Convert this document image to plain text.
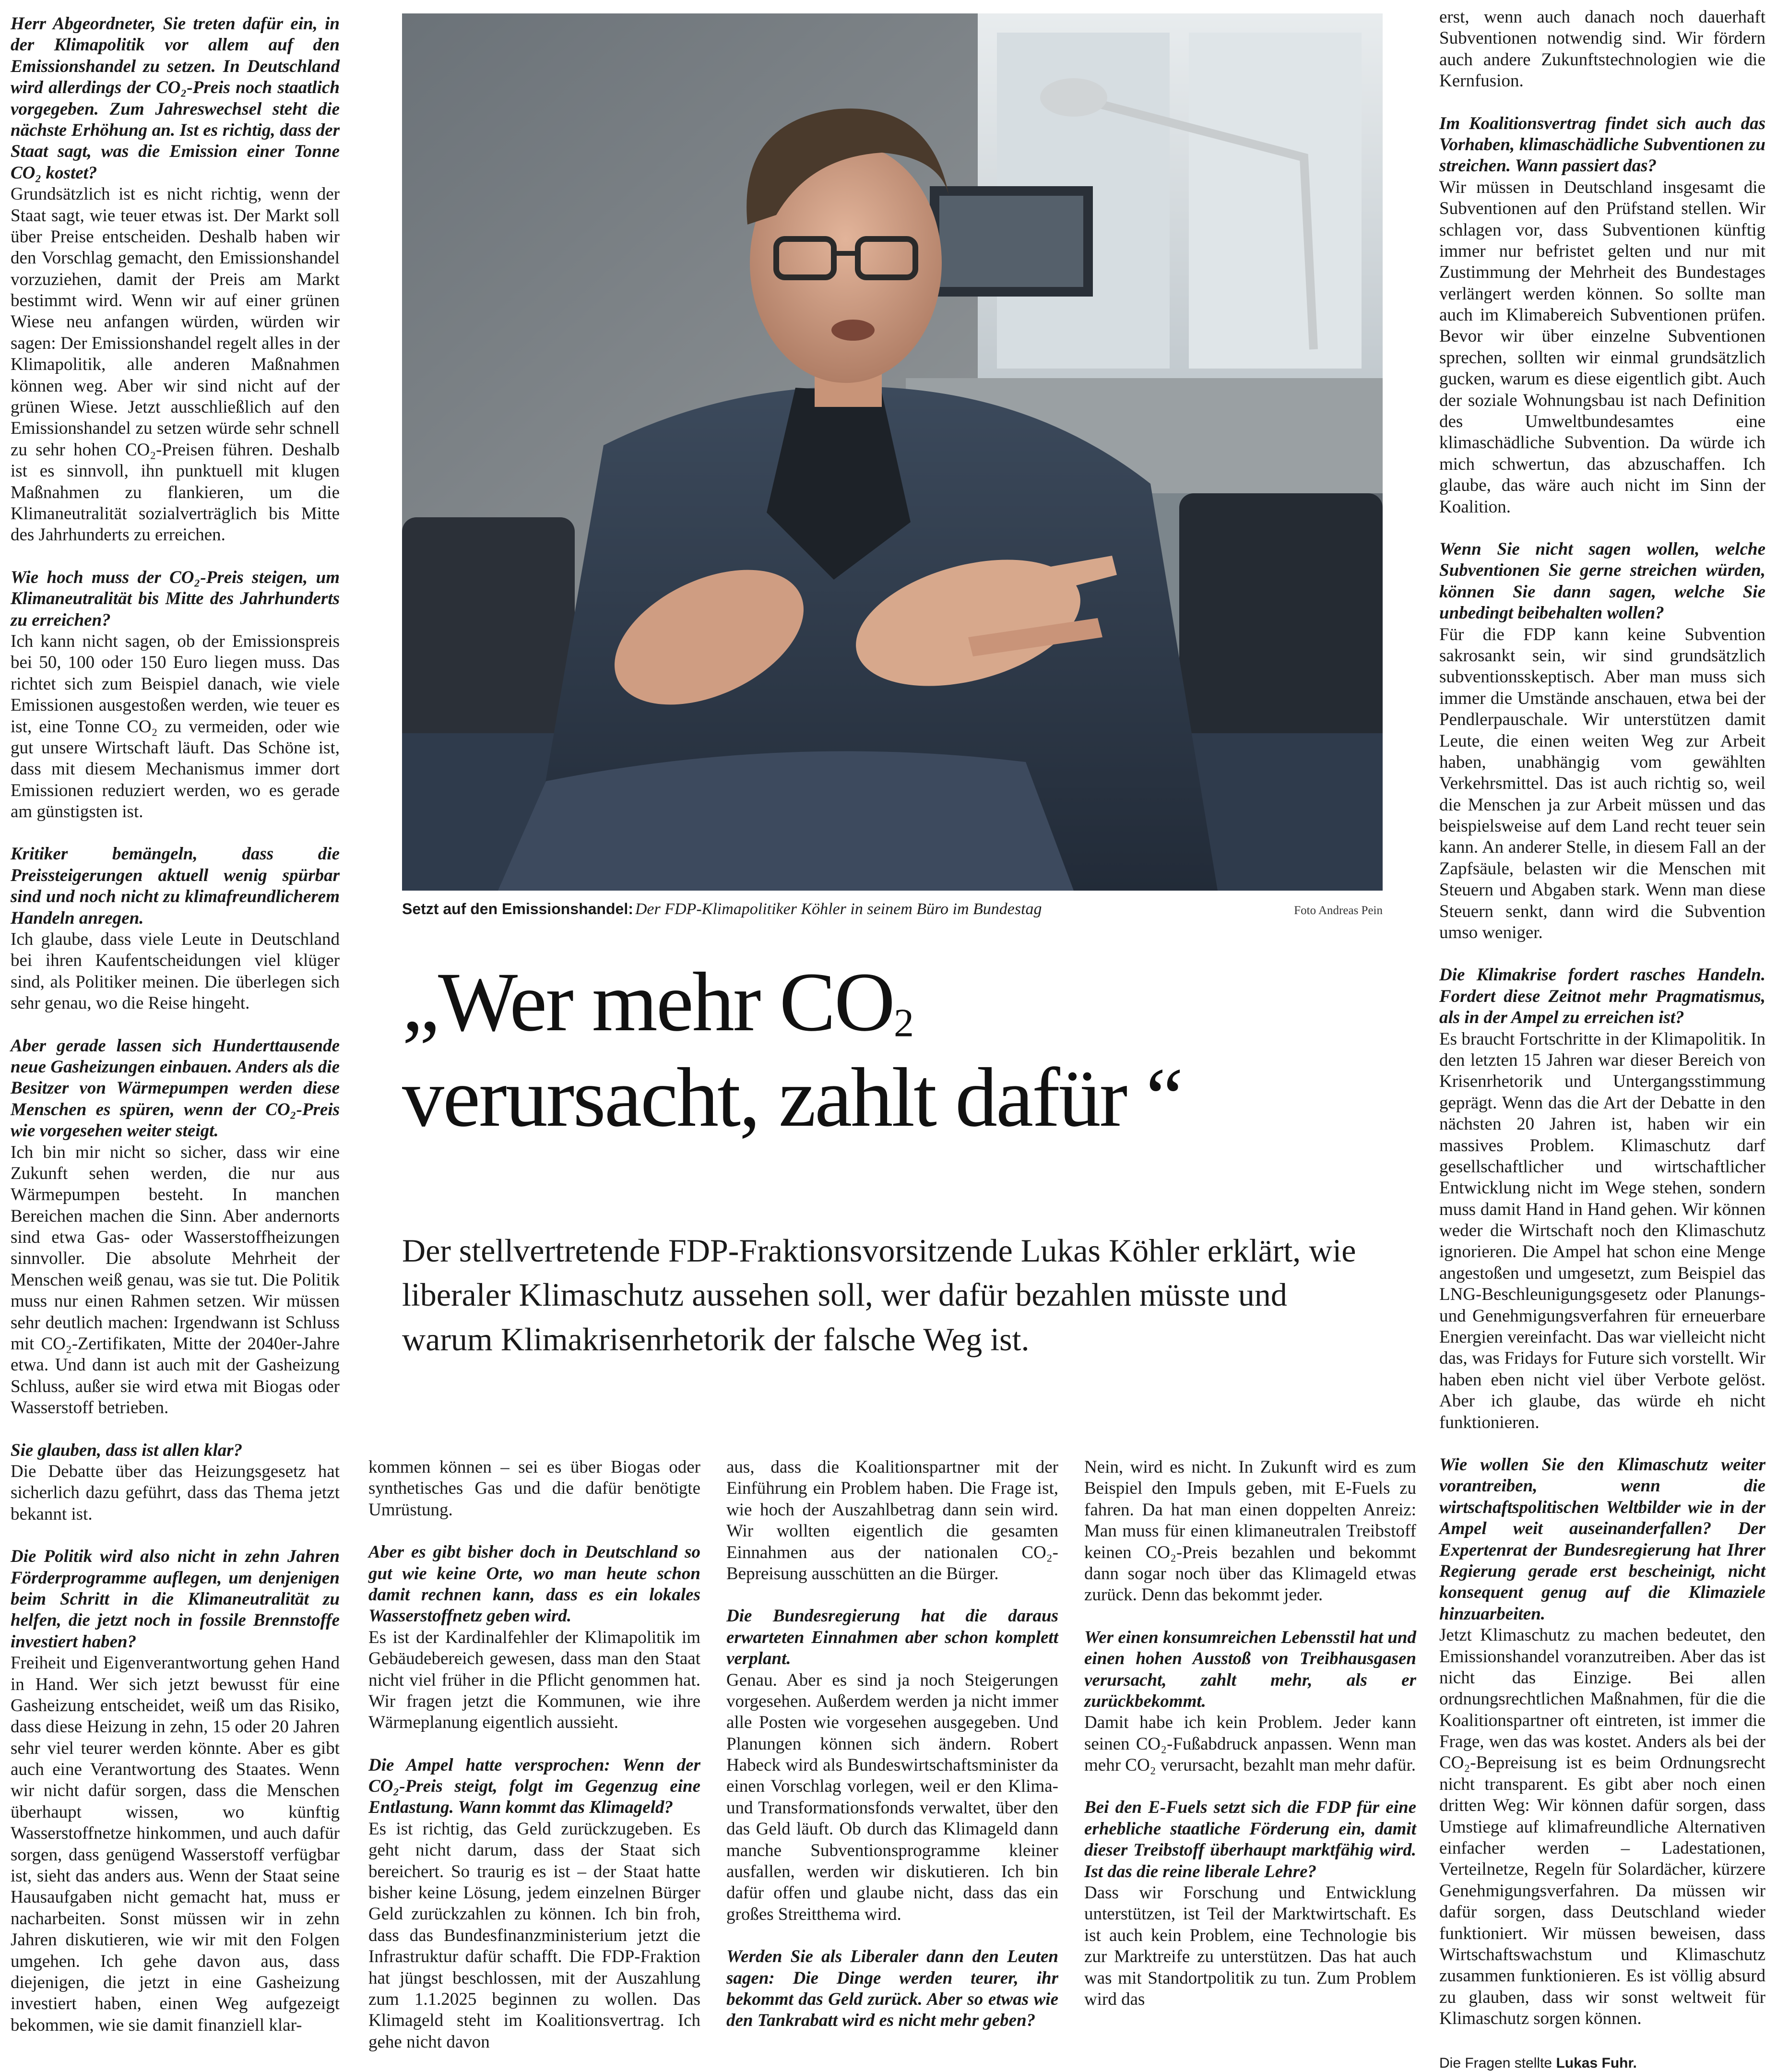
Herr Abgeordneter, Sie treten dafür ein, in der Klimapolitik vor allem auf den Emissionshandel zu setzen. In Deutschland wird allerdings der CO₂-Preis noch staatlich vorgegeben. Zum Jahreswechsel steht die nächste Erhöhung an. Ist es richtig, dass der Staat sagt, was die Emission einer Tonne CO₂ kostet?

Grundsätzlich ist es nicht richtig, wenn der Staat sagt, wie teuer etwas ist. Der Markt soll über Preise entscheiden. Deshalb haben wir den Vorschlag gemacht, den Emissionshandel vorzuziehen, damit der Preis am Markt bestimmt wird. Wenn wir auf einer grünen Wiese neu anfangen würden, würden wir sagen: Der Emissionshandel regelt alles in der Klimapolitik, alle anderen Maßnahmen können weg. Aber wir sind nicht auf der grünen Wiese. Jetzt ausschließlich auf den Emissionshandel zu setzen würde sehr schnell zu sehr hohen CO₂-Preisen führen. Deshalb ist es sinnvoll, ihn punktuell mit klugen Maßnahmen zu flankieren, um die Klimaneutralität sozialverträglich bis Mitte des Jahrhunderts zu erreichen.

Wie hoch muss der CO₂-Preis steigen, um Klimaneutralität bis Mitte des Jahrhunderts zu erreichen?

Ich kann nicht sagen, ob der Emissionspreis bei 50, 100 oder 150 Euro liegen muss. Das richtet sich zum Beispiel danach, wie viele Emissionen ausgestoßen werden, wie teuer es ist, eine Tonne CO₂ zu vermeiden, oder wie gut unsere Wirtschaft läuft. Das Schöne ist, dass mit diesem Mechanismus immer dort Emissionen reduziert werden, wo es gerade am günstigsten ist.

Kritiker bemängeln, dass die Preissteigerungen aktuell wenig spürbar sind und noch nicht zu klimafreundlicherem Handeln anregen.

Ich glaube, dass viele Leute in Deutschland bei ihren Kaufentscheidungen viel klüger sind, als Politiker meinen. Die überlegen sich sehr genau, wo die Reise hingeht.

Aber gerade lassen sich Hunderttausende neue Gasheizungen einbauen. Anders als die Besitzer von Wärmepumpen werden diese Menschen es spüren, wenn der CO₂-Preis wie vorgesehen weiter steigt.

Ich bin mir nicht so sicher, dass wir eine Zukunft sehen werden, die nur aus Wärmepumpen besteht. In manchen Bereichen machen die Sinn. Aber andernorts sind etwa Gas- oder Wasserstoffheizungen sinnvoller. Die absolute Mehrheit der Menschen weiß genau, was sie tut. Die Politik muss nur einen Rahmen setzen. Wir müssen sehr deutlich machen: Irgendwann ist Schluss mit CO₂-Zertifikaten, Mitte der 2040er-Jahre etwa. Und dann ist auch mit der Gasheizung Schluss, außer sie wird etwa mit Biogas oder Wasserstoff betrieben.

Sie glauben, dass ist allen klar?

Die Debatte über das Heizungsgesetz hat sicherlich dazu geführt, dass das Thema jetzt bekannt ist.

Die Politik wird also nicht in zehn Jahren Förderprogramme auflegen, um denjenigen beim Schritt in die Klimaneutralität zu helfen, die jetzt noch in fossile Brennstoffe investiert haben?

Freiheit und Eigenverantwortung gehen Hand in Hand. Wer sich jetzt bewusst für eine Gasheizung entscheidet, weiß um das Risiko, dass diese Heizung in zehn, 15 oder 20 Jahren sehr viel teurer werden könnte. Aber es gibt auch eine Verantwortung des Staates. Wenn wir nicht dafür sorgen, dass die Menschen überhaupt wissen, wo künftig Wasserstoffnetze hinkommen, und auch dafür sorgen, dass genügend Wasserstoff verfügbar ist, sieht das anders aus. Wenn der Staat seine Hausaufgaben nicht gemacht hat, muss er nacharbeiten. Sonst müssen wir in zehn Jahren diskutieren, wie wir mit den Folgen umgehen. Ich gehe davon aus, dass diejenigen, die jetzt in eine Gasheizung investiert haben, einen Weg aufgezeigt bekommen, wie sie damit finanziell klar-

Setzt auf den Emissionshandel: Der FDP-Klimapolitiker Köhler in seinem Büro im Bundestag	Foto Andreas Pein
„Wer mehr $CO_2$
verursacht, zahlt dafür “
Der stellvertretende FDP-Fraktionsvorsitzende Lukas Köhler erklärt, wie liberaler Klimaschutz aussehen soll, wer dafür bezahlen müsste und warum Klimakrisenrhetorik der falsche Weg ist.

kommen können – sei es über Biogas oder synthetisches Gas und die dafür benötigte Umrüstung.

Aber es gibt bisher doch in Deutschland so gut wie keine Orte, wo man heute schon damit rechnen kann, dass es ein lokales Wasserstoffnetz geben wird.

Es ist der Kardinalfehler der Klimapolitik im Gebäudebereich gewesen, dass man den Staat nicht viel früher in die Pflicht genommen hat. Wir fragen jetzt die Kommunen, wie ihre Wärmeplanung eigentlich aussieht.

Die Ampel hatte versprochen: Wenn der CO₂-Preis steigt, folgt im Gegenzug eine Entlastung. Wann kommt das Klimageld?

Es ist richtig, das Geld zurückzugeben. Es geht nicht darum, dass der Staat sich bereichert. So traurig es ist – der Staat hatte bisher keine Lösung, jedem einzelnen Bürger Geld zurückzahlen zu können. Ich bin froh, dass das Bundesfinanzministerium jetzt die Infrastruktur dafür schafft. Die FDP-Fraktion hat jüngst beschlossen, mit der Auszahlung zum 1.1.2025 beginnen zu wollen. Das Klimageld steht im Koalitionsvertrag. Ich gehe nicht davon

aus, dass die Koalitionspartner mit der Einführung ein Problem haben. Die Frage ist, wie hoch der Auszahlbetrag dann sein wird. Wir wollten eigentlich die gesamten Einnahmen aus der nationalen CO₂-Bepreisung ausschütten an die Bürger.

Die Bundesregierung hat die daraus erwarteten Einnahmen aber schon komplett verplant.

Genau. Aber es sind ja noch Steigerungen vorgesehen. Außerdem werden ja nicht immer alle Posten wie vorgesehen ausgegeben. Und Planungen können sich ändern. Robert Habeck wird als Bundeswirtschaftsminister da einen Vorschlag vorlegen, weil er den Klima- und Transformationsfonds verwaltet, über den das Geld läuft. Ob durch das Klimageld dann manche Subventionsprogramme kleiner ausfallen, werden wir diskutieren. Ich bin dafür offen und glaube nicht, dass das ein großes Streitthema wird.

Werden Sie als Liberaler dann den Leuten sagen: Die Dinge werden teurer, ihr bekommt das Geld zurück. Aber so etwas wie den Tankrabatt wird es nicht mehr geben?

Nein, wird es nicht. In Zukunft wird es zum Beispiel den Impuls geben, mit E-Fuels zu fahren. Da hat man einen doppelten Anreiz: Man muss für einen klimaneutralen Treibstoff keinen CO₂-Preis bezahlen und bekommt dann sogar noch über das Klimageld etwas zurück. Denn das bekommt jeder.

Wer einen konsumreichen Lebensstil hat und einen hohen Ausstoß von Treibhausgasen verursacht, zahlt mehr, als er zurückbekommt.

Damit habe ich kein Problem. Jeder kann seinen CO₂-Fußabdruck anpassen. Wenn man mehr CO₂ verursacht, bezahlt man mehr dafür.

Bei den E-Fuels setzt sich die FDP für eine erhebliche staatliche Förderung ein, damit dieser Treibstoff überhaupt marktfähig wird. Ist das die reine liberale Lehre?

Dass wir Forschung und Entwicklung unterstützen, ist Teil der Marktwirtschaft. Es ist auch kein Problem, eine Technologie bis zur Marktreife zu unterstützen. Das hat auch was mit Standortpolitik zu tun. Zum Problem wird das

erst, wenn auch danach noch dauerhaft Subventionen notwendig sind. Wir fördern auch andere Zukunftstechnologien wie die Kernfusion.

Im Koalitionsvertrag findet sich auch das Vorhaben, klimaschädliche Subventionen zu streichen. Wann passiert das?

Wir müssen in Deutschland insgesamt die Subventionen auf den Prüfstand stellen. Wir schlagen vor, dass Subventionen künftig immer nur befristet gelten und nur mit Zustimmung der Mehrheit des Bundestages verlängert werden können. So sollte man auch im Klimabereich Subventionen prüfen. Bevor wir über einzelne Subventionen sprechen, sollten wir einmal grundsätzlich gucken, warum es diese eigentlich gibt. Auch der soziale Wohnungsbau ist nach Definition des Umweltbundesamtes eine klimaschädliche Subvention. Da würde ich mich schwertun, das abzuschaffen. Ich glaube, das wäre auch nicht im Sinn der Koalition.

Wenn Sie nicht sagen wollen, welche Subventionen Sie gerne streichen würden, können Sie dann sagen, welche Sie unbedingt beibehalten wollen?

Für die FDP kann keine Subvention sakrosankt sein, wir sind grundsätzlich subventionsskeptisch. Aber man muss sich immer die Umstände anschauen, etwa bei der Pendlerpauschale. Wir unterstützen damit Leute, die einen weiten Weg zur Arbeit haben, unabhängig vom gewählten Verkehrsmittel. Das ist auch richtig so, weil die Menschen ja zur Arbeit müssen und das beispielsweise auf dem Land recht teuer sein kann. An anderer Stelle, in diesem Fall an der Zapfsäule, belasten wir die Menschen mit Steuern und Abgaben stark. Wenn man diese Steuern senkt, dann wird die Subvention umso weniger.

Die Klimakrise fordert rasches Handeln. Fordert diese Zeitnot mehr Pragmatismus, als in der Ampel zu erreichen ist?

Es braucht Fortschritte in der Klimapolitik. In den letzten 15 Jahren war dieser Bereich von Krisenrhetorik und Untergangsstimmung geprägt. Wenn das die Art der Debatte in den nächsten 20 Jahren ist, haben wir ein massives Problem. Klimaschutz darf gesellschaftlicher und wirtschaftlicher Entwicklung nicht im Wege stehen, sondern muss damit Hand in Hand gehen. Wir können weder die Wirtschaft noch den Klimaschutz ignorieren. Die Ampel hat schon eine Menge angestoßen und umgesetzt, zum Beispiel das LNG-Beschleunigungsgesetz oder Planungs- und Genehmigungsverfahren für erneuerbare Energien vereinfacht. Das war vielleicht nicht das, was Fridays for Future sich vorstellt. Wir haben eben nicht viel über Verbote gelöst. Aber ich glaube, das würde eh nicht funktionieren.

Wie wollen Sie den Klimaschutz weiter vorantreiben, wenn die wirtschaftspolitischen Weltbilder wie in der Ampel weit auseinanderfallen? Der Expertenrat der Bundesregierung hat Ihrer Regierung gerade erst bescheinigt, nicht konsequent genug auf die Klimaziele hinzuarbeiten.

Jetzt Klimaschutz zu machen bedeutet, den Emissionshandel voranzutreiben. Aber das ist nicht das Einzige. Bei allen ordnungsrechtlichen Maßnahmen, für die die Koalitionspartner oft eintreten, ist immer die Frage, wen das was kostet. Anders als bei der CO₂-Bepreisung ist es beim Ordnungsrecht nicht transparent. Es gibt aber noch einen dritten Weg: Wir können dafür sorgen, dass Umstiege auf klimafreundliche Alternativen einfacher werden – Ladestationen, Verteilnetze, Regeln für Solardächer, kürzere Genehmigungsverfahren. Da müssen wir dafür sorgen, dass Deutschland wieder funktioniert. Wir müssen beweisen, dass Wirtschaftswachstum und Klimaschutz zusammen funktionieren. Es ist völlig absurd zu glauben, dass wir sonst weltweit für Klimaschutz sorgen können.

Die Fragen stellte Lukas Fuhr.
